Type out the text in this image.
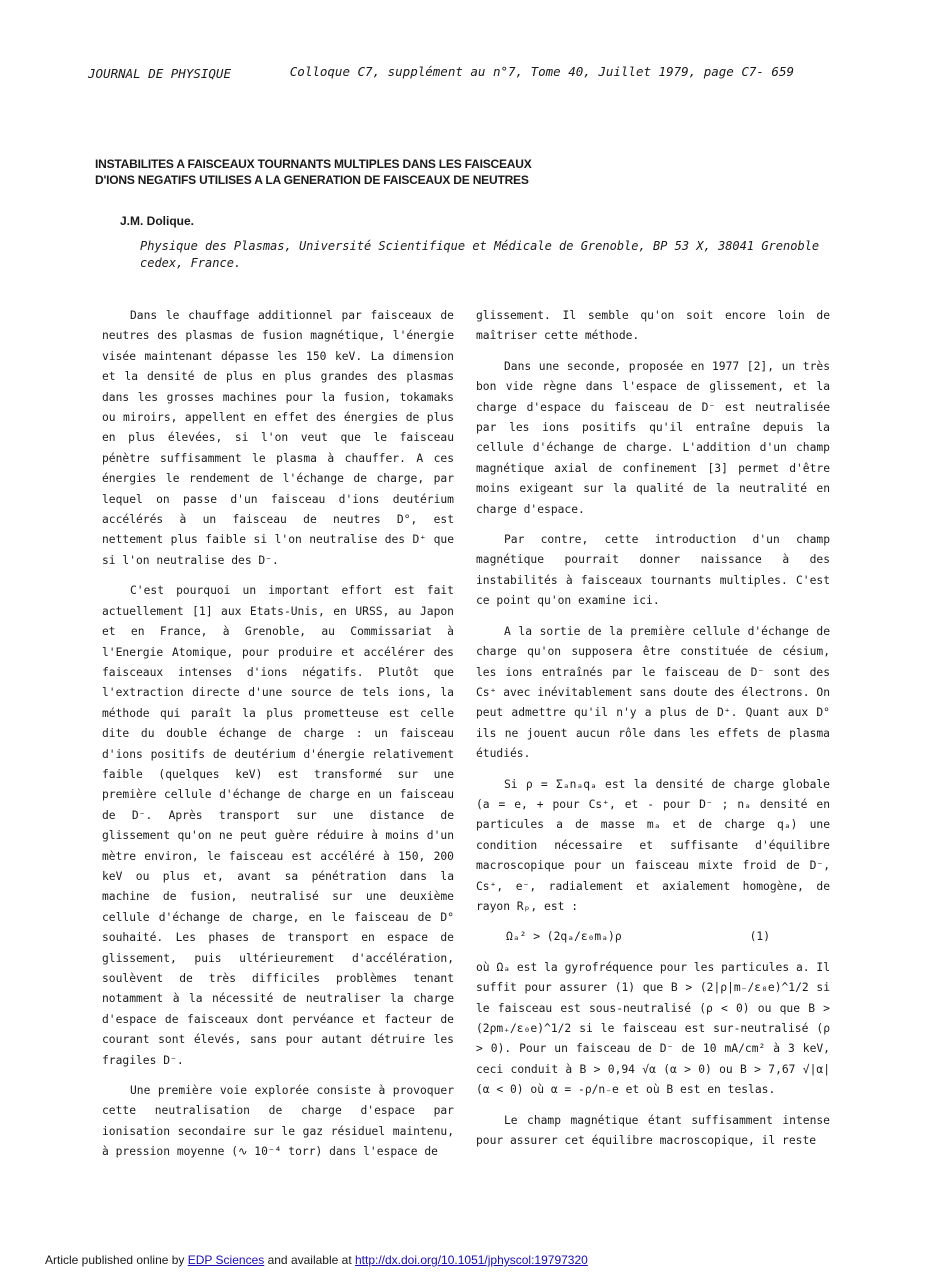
JOURNAL DE PHYSIQUE	Colloque C7, supplément au n°7, Tome 40, Juillet 1979, page C7- 659
INSTABILITES A FAISCEAUX TOURNANTS MULTIPLES DANS LES FAISCEAUX
D'IONS NEGATIFS UTILISES A LA GENERATION DE FAISCEAUX DE NEUTRES
J.M. Dolique.
Physique des Plasmas, Université Scientifique et Médicale de Grenoble, BP 53 X, 38041 Grenoble cedex, France.

Dans le chauffage additionnel par faisceaux de neutres des plasmas de fusion magnétique, l'énergie visée maintenant dépasse les 150 keV. La dimension et la densité de plus en plus grandes des plasmas dans les grosses machines pour la fusion, tokamaks ou miroirs, appellent en effet des énergies de plus en plus élevées, si l'on veut que le faisceau pénètre suffisamment le plasma à chauffer. A ces énergies le rendement de l'échange de charge, par lequel on passe d'un faisceau d'ions deutérium accélérés à un faisceau de neutres D°, est nettement plus faible si l'on neutralise des D⁺ que si l'on neutralise des D⁻.

C'est pourquoi un important effort est fait actuellement [1] aux Etats-Unis, en URSS, au Japon et en France, à Grenoble, au Commissariat à l'Energie Atomique, pour produire et accélérer des faisceaux intenses d'ions négatifs. Plutôt que l'extraction directe d'une source de tels ions, la méthode qui paraît la plus prometteuse est celle dite du double échange de charge : un faisceau d'ions positifs de deutérium d'énergie relativement faible (quelques keV) est transformé sur une première cellule d'échange de charge en un faisceau de D⁻. Après transport sur une distance de glissement qu'on ne peut guère réduire à moins d'un mètre environ, le faisceau est accéléré à 150, 200 keV ou plus et, avant sa pénétration dans la machine de fusion, neutralisé sur une deuxième cellule d'échange de charge, en le faisceau de D° souhaité. Les phases de transport en espace de glissement, puis ultérieurement d'accélération, soulèvent de très difficiles problèmes tenant notamment à la nécessité de neutraliser la charge d'espace de faisceaux dont pervéance et facteur de courant sont élevés, sans pour autant détruire les fragiles D⁻.

Une première voie explorée consiste à provoquer cette neutralisation de charge d'espace par ionisation secondaire sur le gaz résiduel maintenu, à pression moyenne (∿ 10⁻⁴ torr) dans l'espace de

glissement. Il semble qu'on soit encore loin de maîtriser cette méthode.

Dans une seconde, proposée en 1977 [2], un très bon vide règne dans l'espace de glissement, et la charge d'espace du faisceau de D⁻ est neutralisée par les ions positifs qu'il entraîne depuis la cellule d'échange de charge. L'addition d'un champ magnétique axial de confinement [3] permet d'être moins exigeant sur la qualité de la neutralité en charge d'espace.

Par contre, cette introduction d'un champ magnétique pourrait donner naissance à des instabilités à faisceaux tournants multiples. C'est ce point qu'on examine ici.

A la sortie de la première cellule d'échange de charge qu'on supposera être constituée de césium, les ions entraînés par le faisceau de D⁻ sont des Cs⁺ avec inévitablement sans doute des électrons. On peut admettre qu'il n'y a plus de D⁺. Quant aux D° ils ne jouent aucun rôle dans les effets de plasma étudiés.

Si ρ = Σₐnₐqₐ est la densité de charge globale (a = e, + pour Cs⁺, et - pour D⁻ ; nₐ densité en particules a de masse mₐ et de charge qₐ) une condition nécessaire et suffisante d'équilibre macroscopique pour un faisceau mixte froid de D⁻, Cs⁺, e⁻, radialement et axialement homogène, de rayon Rₚ, est :

Ωₐ² > (2qₐ/ε₀mₐ)ρ	(1)

où Ωₐ est la gyrofréquence pour les particules a. Il suffit pour assurer (1) que B > (2|ρ|m₋/ε₀e)^1/2 si le faisceau est sous-neutralisé (ρ < 0) ou que B > (2ρm₊/ε₀e)^1/2 si le faisceau est sur-neutralisé (ρ > 0). Pour un faisceau de D⁻ de 10 mA/cm² à 3 keV, ceci conduit à B > 0,94 √α (α > 0) ou B > 7,67 √|α| (α < 0) où α = -ρ/n₋e et où B est en teslas.

Le champ magnétique étant suffisamment intense pour assurer cet équilibre macroscopique, il reste

Article published online by EDP Sciences and available at http://dx.doi.org/10.1051/jphyscol:19797320
